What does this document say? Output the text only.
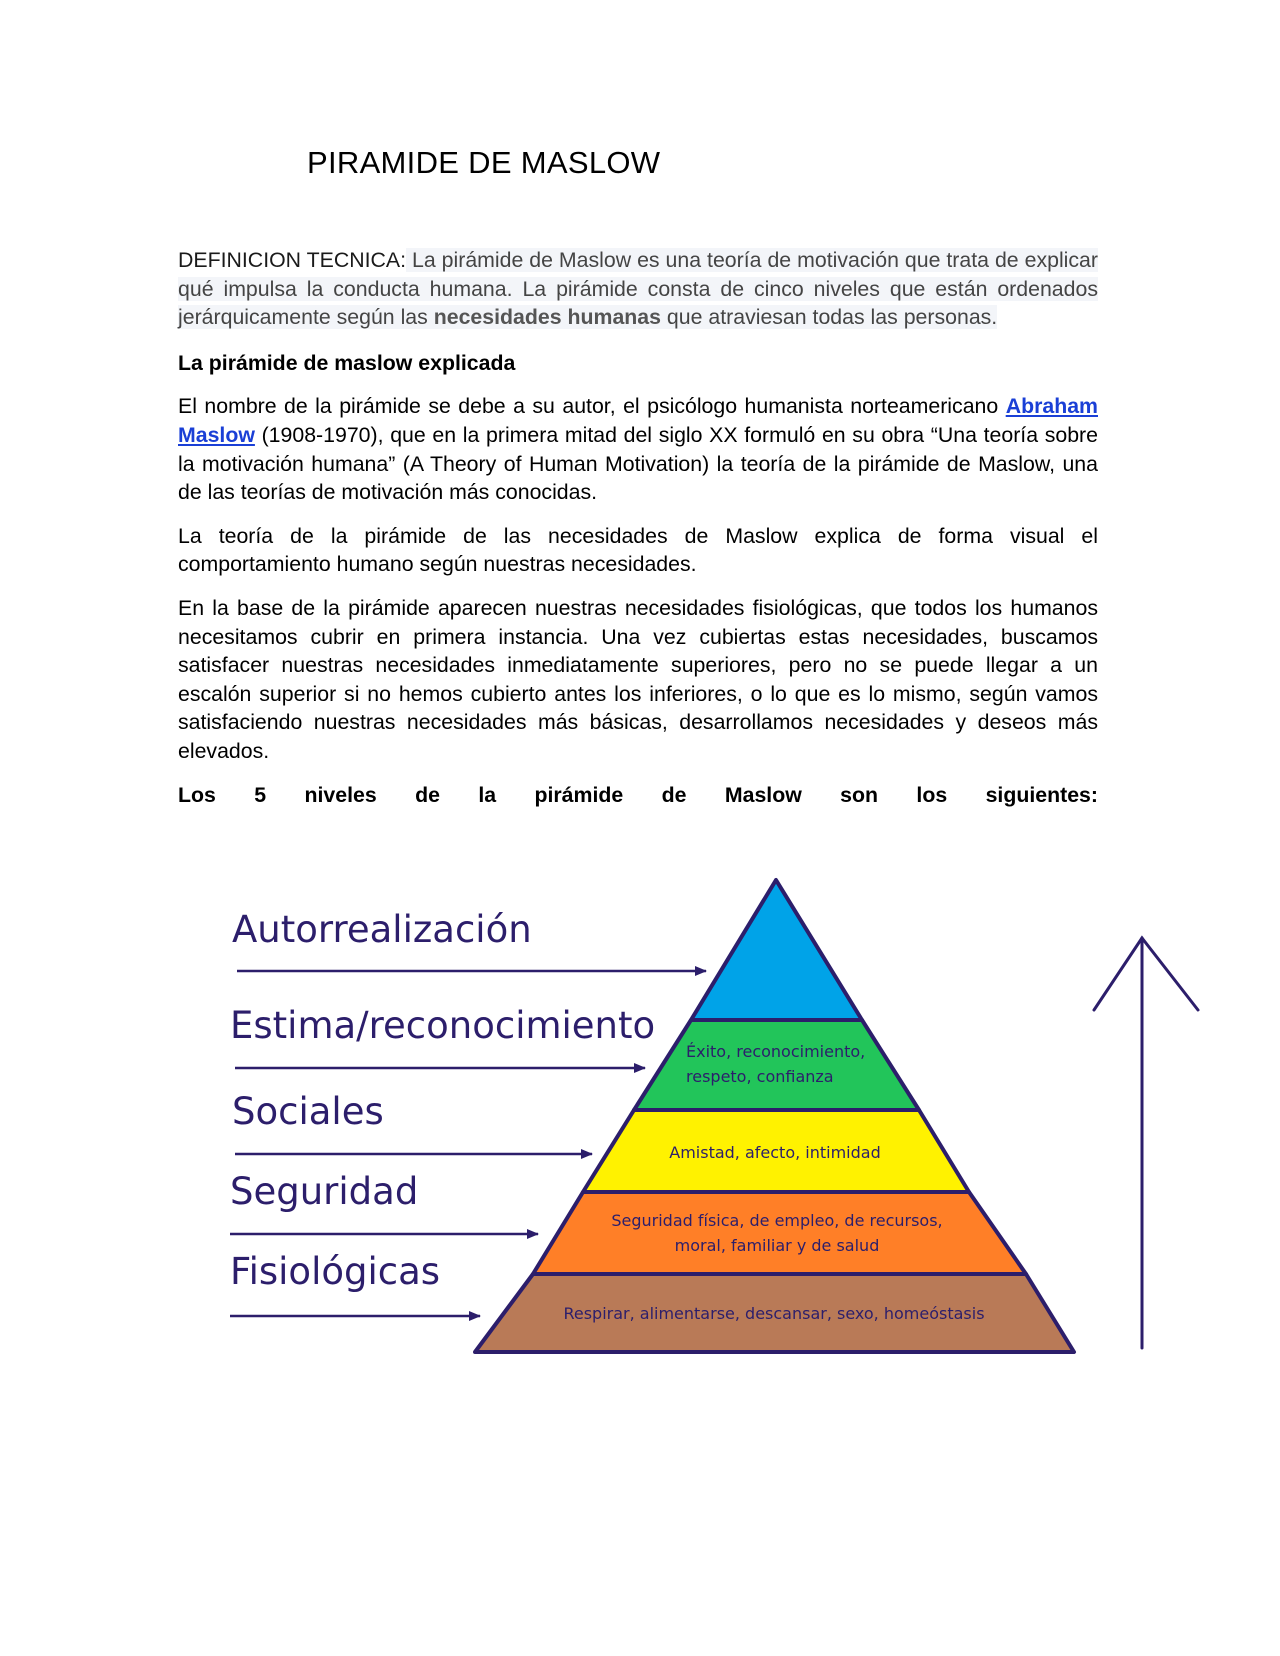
PIRAMIDE DE MASLOW

DEFINICION TECNICA: La pirámide de Maslow es una teoría de motivación que trata de explicar qué impulsa la conducta humana. La pirámide consta de cinco niveles que están ordenados jerárquicamente según las necesidades humanas que atraviesan todas las personas.

La pirámide de maslow explicada

El nombre de la pirámide se debe a su autor, el psicólogo humanista norteamericano Abraham Maslow (1908-1970), que en la primera mitad del siglo XX formuló en su obra “Una teoría sobre la motivación humana” (A Theory of Human Motivation) la teoría de la pirámide de Maslow, una de las teorías de motivación más conocidas.

La teoría de la pirámide de las necesidades de Maslow explica de forma visual el comportamiento humano según nuestras necesidades.

En la base de la pirámide aparecen nuestras necesidades fisiológicas, que todos los humanos necesitamos cubrir en primera instancia. Una vez cubiertas estas necesidades, buscamos satisfacer nuestras necesidades inmediatamente superiores, pero no se puede llegar a un escalón superior si no hemos cubierto antes los inferiores, o lo que es lo mismo, según vamos satisfaciendo nuestras necesidades más básicas, desarrollamos necesidades y deseos más elevados.

Los 5 niveles de la pirámide de Maslow son los siguientes:

Éxito, reconocimiento,
respeto, confianza
Amistad, afecto, intimidad
Seguridad física, de empleo, de recursos,
moral, familiar y de salud
Respirar, alimentarse, descansar, sexo, homeóstasis
Autorrealización
Estima/reconocimiento
Sociales
Seguridad
Fisiológicas
